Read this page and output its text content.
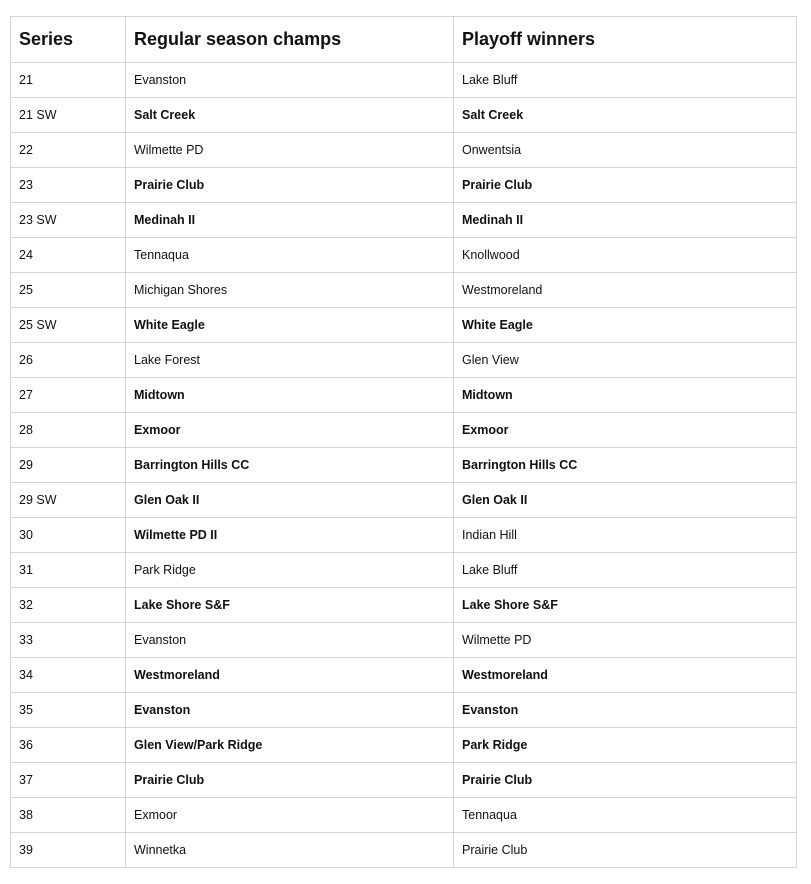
Series	Regular season champs	Playoff winners
21	Evanston	Lake Bluff
21 SW	Salt Creek	Salt Creek
22	Wilmette PD	Onwentsia
23	Prairie Club	Prairie Club
23 SW	Medinah II	Medinah II
24	Tennaqua	Knollwood
25	Michigan Shores	Westmoreland
25 SW	White Eagle	White Eagle
26	Lake Forest	Glen View
27	Midtown	Midtown
28	Exmoor	Exmoor
29	Barrington Hills CC	Barrington Hills CC
29 SW	Glen Oak II	Glen Oak II
30	Wilmette PD II	Indian Hill
31	Park Ridge	Lake Bluff
32	Lake Shore S&F	Lake Shore S&F
33	Evanston	Wilmette PD
34	Westmoreland	Westmoreland
35	Evanston	Evanston
36	Glen View/Park Ridge	Park Ridge
37	Prairie Club	Prairie Club
38	Exmoor	Tennaqua
39	Winnetka	Prairie Club
